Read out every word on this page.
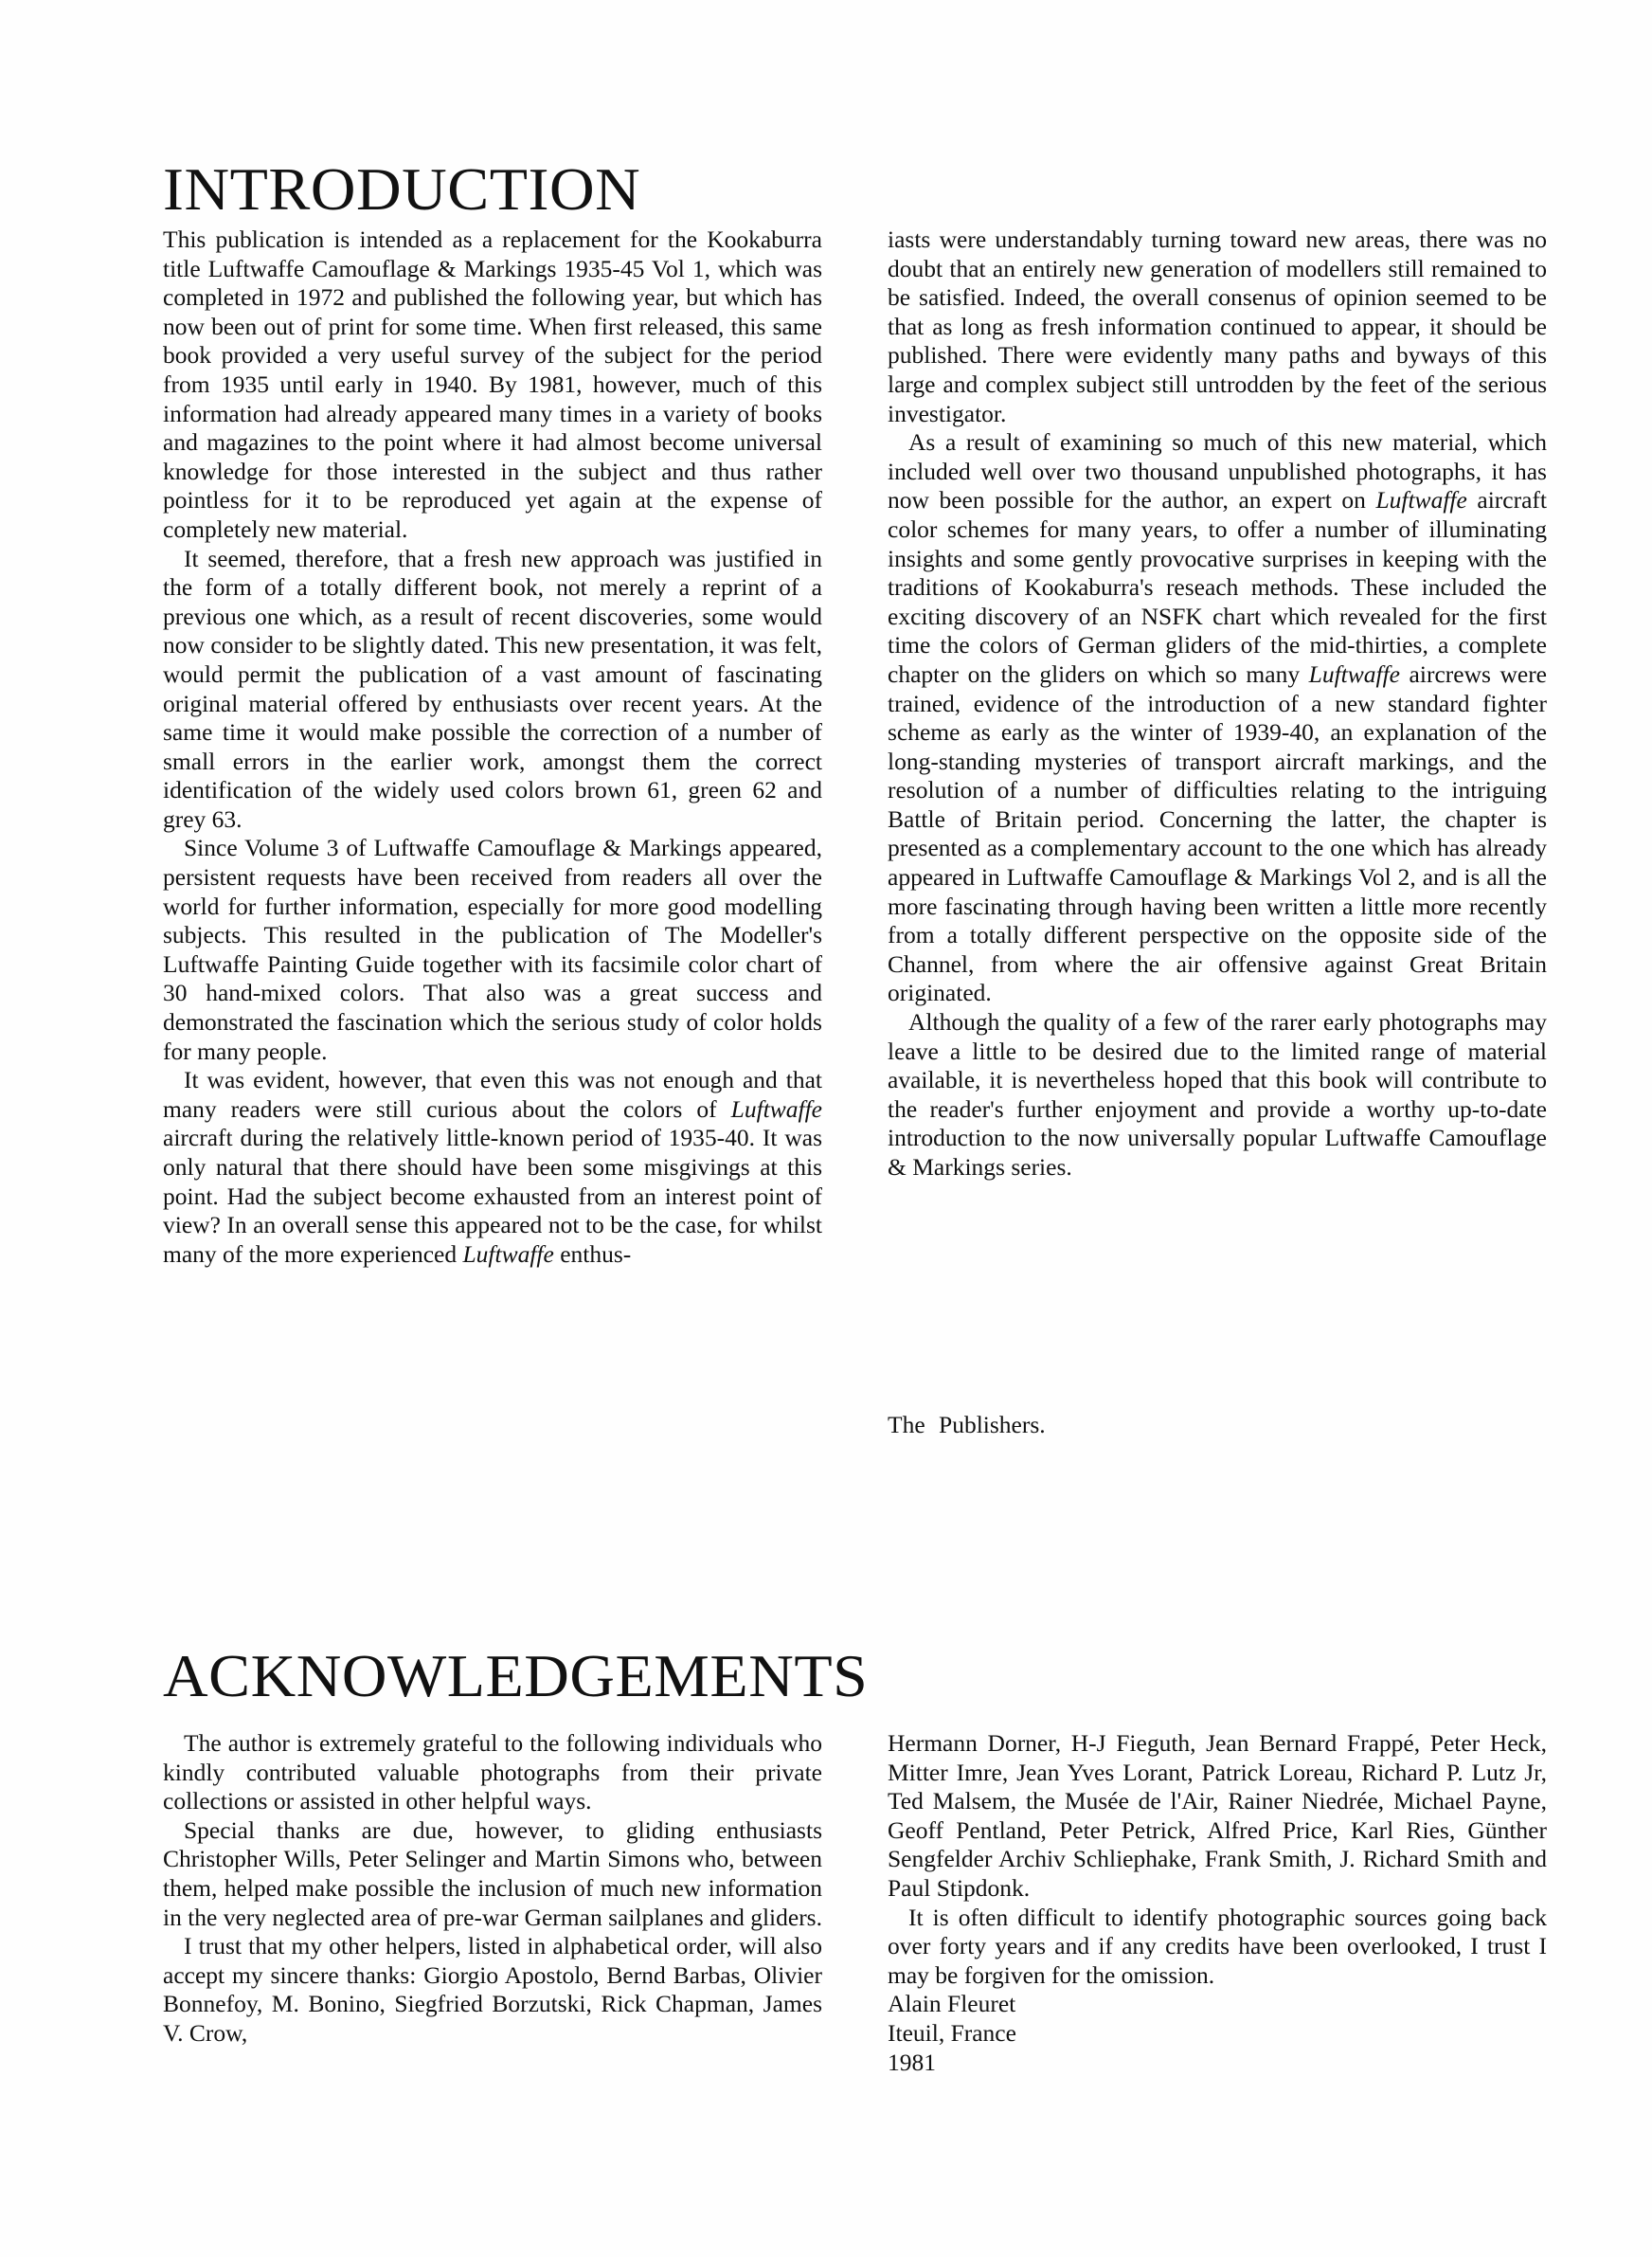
INTRODUCTION

This publication is intended as a replacement for the Kookaburra title Luftwaffe Camouflage & Markings 1935-45 Vol 1, which was completed in 1972 and published the following year, but which has now been out of print for some time. When first released, this same book provided a very useful survey of the subject for the period from 1935 until early in 1940. By 1981, however, much of this information had already appeared many times in a variety of books and magazines to the point where it had almost become universal knowledge for those interested in the subject and thus rather pointless for it to be reproduced yet again at the expense of completely new material.

It seemed, therefore, that a fresh new approach was justified in the form of a totally different book, not merely a reprint of a previous one which, as a result of recent discoveries, some would now consider to be slightly dated. This new presentation, it was felt, would permit the publication of a vast amount of fascinating original material offered by enthusiasts over recent years. At the same time it would make possible the correction of a number of small errors in the earlier work, amongst them the correct identification of the widely used colors brown 61, green 62 and grey 63.

Since Volume 3 of Luftwaffe Camouflage & Markings appeared, persistent requests have been received from readers all over the world for further information, especially for more good modelling subjects. This resulted in the publication of The Modeller's Luftwaffe Painting Guide together with its facsimile color chart of 30 hand-mixed colors. That also was a great success and demonstrated the fascination which the serious study of color holds for many people.

It was evident, however, that even this was not enough and that many readers were still curious about the colors of Luftwaffe aircraft during the relatively little-known period of 1935-40. It was only natural that there should have been some misgivings at this point. Had the subject become exhausted from an interest point of view? In an overall sense this appeared not to be the case, for whilst many of the more experienced Luftwaffe enthus-

iasts were understandably turning toward new areas, there was no doubt that an entirely new generation of modellers still remained to be satisfied. Indeed, the overall consenus of opinion seemed to be that as long as fresh information continued to appear, it should be published. There were evidently many paths and byways of this large and complex subject still untrodden by the feet of the serious investigator.

As a result of examining so much of this new material, which included well over two thousand unpublished photographs, it has now been possible for the author, an expert on Luftwaffe aircraft color schemes for many years, to offer a number of illuminating insights and some gently provocative surprises in keeping with the traditions of Kookaburra's reseach methods. These included the exciting discovery of an NSFK chart which revealed for the first time the colors of German gliders of the mid-thirties, a complete chapter on the gliders on which so many Luftwaffe aircrews were trained, evidence of the introduction of a new standard fighter scheme as early as the winter of 1939-40, an explanation of the long-standing mysteries of transport aircraft markings, and the resolution of a number of difficulties relating to the intriguing Battle of Britain period. Concerning the latter, the chapter is presented as a complementary account to the one which has already appeared in Luftwaffe Camouflage & Markings Vol 2, and is all the more fascinating through having been written a little more recently from a totally different perspective on the opposite side of the Channel, from where the air offensive against Great Britain originated.

Although the quality of a few of the rarer early photographs may leave a little to be desired due to the limited range of material available, it is nevertheless hoped that this book will contribute to the reader's further enjoyment and provide a worthy up-to-date introduction to the now universally popular Luftwaffe Camouflage & Markings series.

The Publishers.
ACKNOWLEDGEMENTS

The author is extremely grateful to the following individuals who kindly contributed valuable photographs from their private collections or assisted in other helpful ways.

Special thanks are due, however, to gliding enthusiasts Christopher Wills, Peter Selinger and Martin Simons who, between them, helped make possible the inclusion of much new information in the very neglected area of pre-war German sailplanes and gliders.

I trust that my other helpers, listed in alphabetical order, will also accept my sincere thanks: Giorgio Apostolo, Bernd Barbas, Olivier Bonnefoy, M. Bonino, Siegfried Borzutski, Rick Chapman, James V. Crow,

Hermann Dorner, H-J Fieguth, Jean Bernard Frappé, Peter Heck, Mitter Imre, Jean Yves Lorant, Patrick Loreau, Richard P. Lutz Jr, Ted Malsem, the Musée de l'Air, Rainer Niedrée, Michael Payne, Geoff Pentland, Peter Petrick, Alfred Price, Karl Ries, Günther Sengfelder Archiv Schliephake, Frank Smith, J. Richard Smith and Paul Stipdonk.

It is often difficult to identify photographic sources going back over forty years and if any credits have been overlooked, I trust I may be forgiven for the omission.

Alain Fleuret

Iteuil, France

1981
